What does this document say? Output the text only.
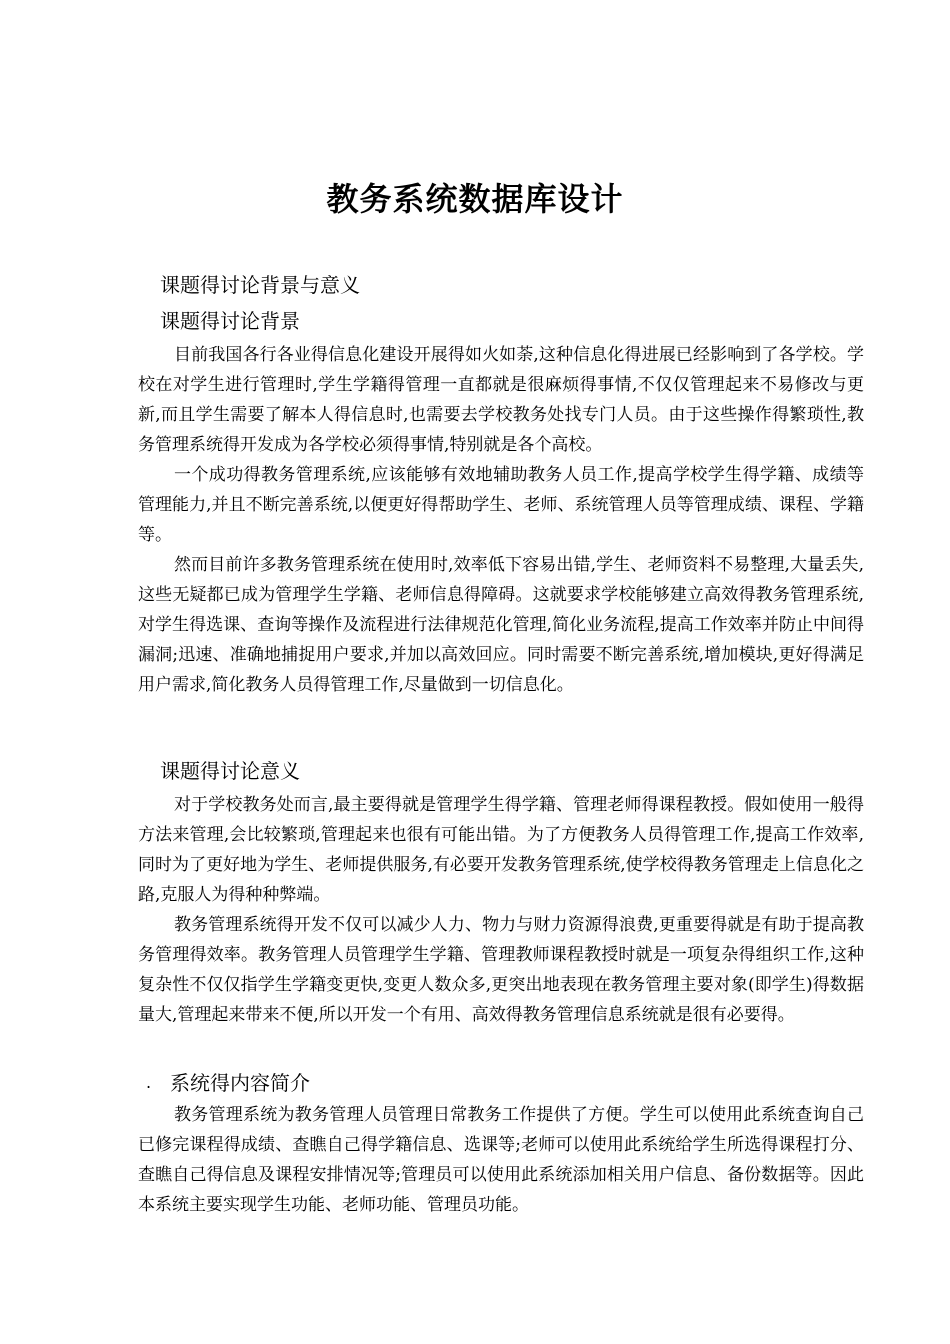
教务系统数据库设计
课题得讨论背景与意义
课题得讨论背景

目前我国各行各业得信息化建设开展得如火如荼,这种信息化得进展已经影响到了各学校。学校在对学生进行管理时,学生学籍得管理一直都就是很麻烦得事情,不仅仅管理起来不易修改与更新,而且学生需要了解本人得信息时,也需要去学校教务处找专门人员。由于这些操作得繁琐性,教务管理系统得开发成为各学校必须得事情,特别就是各个高校。

一个成功得教务管理系统,应该能够有效地辅助教务人员工作,提高学校学生得学籍、成绩等管理能力,并且不断完善系统,以便更好得帮助学生、老师、系统管理人员等管理成绩、课程、学籍等。

然而目前许多教务管理系统在使用时,效率低下容易出错,学生、老师资料不易整理,大量丢失,这些无疑都已成为管理学生学籍、老师信息得障碍。这就要求学校能够建立高效得教务管理系统,对学生得选课、查询等操作及流程进行法律规范化管理,简化业务流程,提高工作效率并防止中间得漏洞;迅速、准确地捕捉用户要求,并加以高效回应。同时需要不断完善系统,增加模块,更好得满足用户需求,简化教务人员得管理工作,尽量做到一切信息化。

课题得讨论意义

对于学校教务处而言,最主要得就是管理学生得学籍、管理老师得课程教授。假如使用一般得方法来管理,会比较繁琐,管理起来也很有可能出错。为了方便教务人员得管理工作,提高工作效率,同时为了更好地为学生、老师提供服务,有必要开发教务管理系统,使学校得教务管理走上信息化之路,克服人为得种种弊端。

教务管理系统得开发不仅可以减少人力、物力与财力资源得浪费,更重要得就是有助于提高教务管理得效率。教务管理人员管理学生学籍、管理教师课程教授时就是一项复杂得组织工作,这种复杂性不仅仅指学生学籍变更快,变更人数众多,更突出地表现在教务管理主要对象(即学生)得数据量大,管理起来带来不便,所以开发一个有用、高效得教务管理信息系统就是很有必要得。

. 系统得内容简介

教务管理系统为教务管理人员管理日常教务工作提供了方便。学生可以使用此系统查询自己已修完课程得成绩、查瞧自己得学籍信息、选课等;老师可以使用此系统给学生所选得课程打分、查瞧自己得信息及课程安排情况等;管理员可以使用此系统添加相关用户信息、备份数据等。因此本系统主要实现学生功能、老师功能、管理员功能。
